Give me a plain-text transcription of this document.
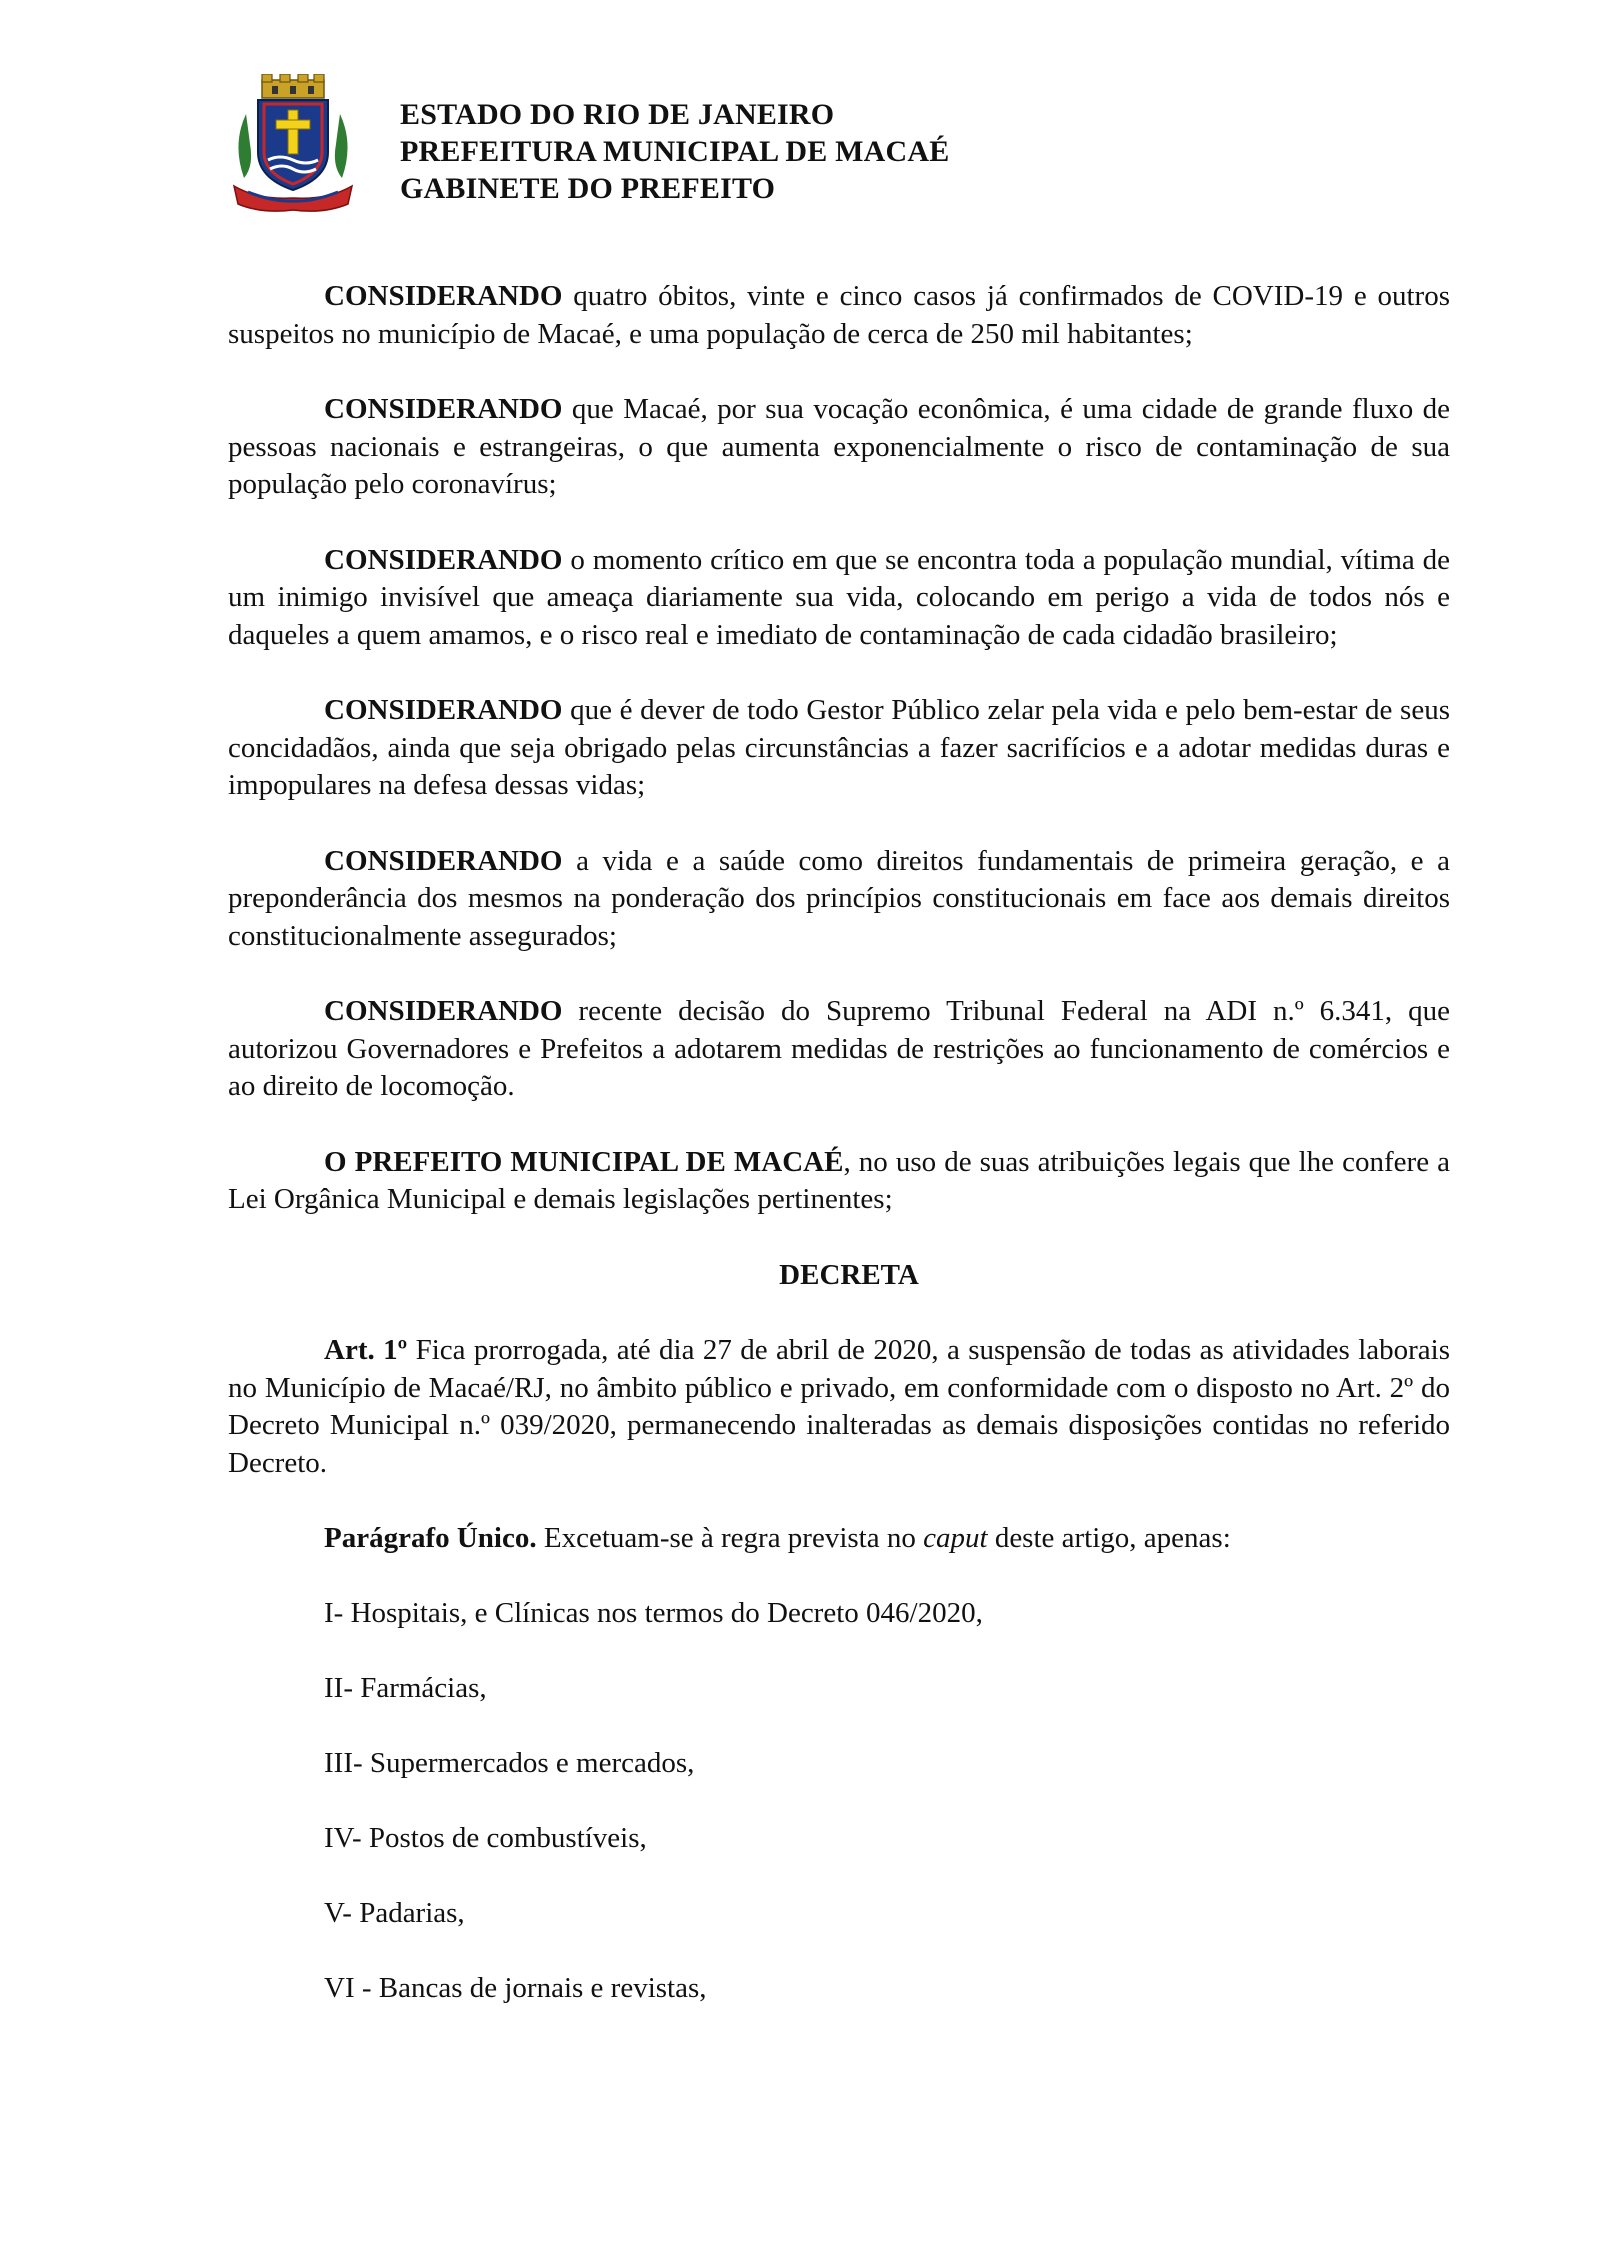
ESTADO DO RIO DE JANEIRO
PREFEITURA MUNICIPAL DE MACAÉ
GABINETE DO PREFEITO

CONSIDERANDO quatro óbitos, vinte e cinco casos já confirmados de COVID-19 e outros suspeitos no município de Macaé, e uma população de cerca de 250 mil habitantes;

CONSIDERANDO que Macaé, por sua vocação econômica, é uma cidade de grande fluxo de pessoas nacionais e estrangeiras, o que aumenta exponencialmente o risco de contaminação de sua população pelo coronavírus;

CONSIDERANDO o momento crítico em que se encontra toda a população mundial, vítima de um inimigo invisível que ameaça diariamente sua vida, colocando em perigo a vida de todos nós e daqueles a quem amamos, e o risco real e imediato de contaminação de cada cidadão brasileiro;

CONSIDERANDO que é dever de todo Gestor Público zelar pela vida e pelo bem-estar de seus concidadãos, ainda que seja obrigado pelas circunstâncias a fazer sacrifícios e a adotar medidas duras e impopulares na defesa dessas vidas;

CONSIDERANDO a vida e a saúde como direitos fundamentais de primeira geração, e a preponderância dos mesmos na ponderação dos princípios constitucionais em face aos demais direitos constitucionalmente assegurados;

CONSIDERANDO recente decisão do Supremo Tribunal Federal na ADI n.º 6.341, que autorizou Governadores e Prefeitos a adotarem medidas de restrições ao funcionamento de comércios e ao direito de locomoção.

O PREFEITO MUNICIPAL DE MACAÉ, no uso de suas atribuições legais que lhe confere a Lei Orgânica Municipal e demais legislações pertinentes;

DECRETA

Art. 1º Fica prorrogada, até dia 27 de abril de 2020, a suspensão de todas as atividades laborais no Município de Macaé/RJ, no âmbito público e privado, em conformidade com o disposto no Art. 2º do Decreto Municipal n.º 039/2020, permanecendo inalteradas as demais disposições contidas no referido Decreto.

Parágrafo Único. Excetuam-se à regra prevista no caput deste artigo, apenas:

I- Hospitais, e Clínicas nos termos do Decreto 046/2020,

II- Farmácias,

III- Supermercados e mercados,

IV- Postos de combustíveis,

V- Padarias,

VI - Bancas de jornais e revistas,
